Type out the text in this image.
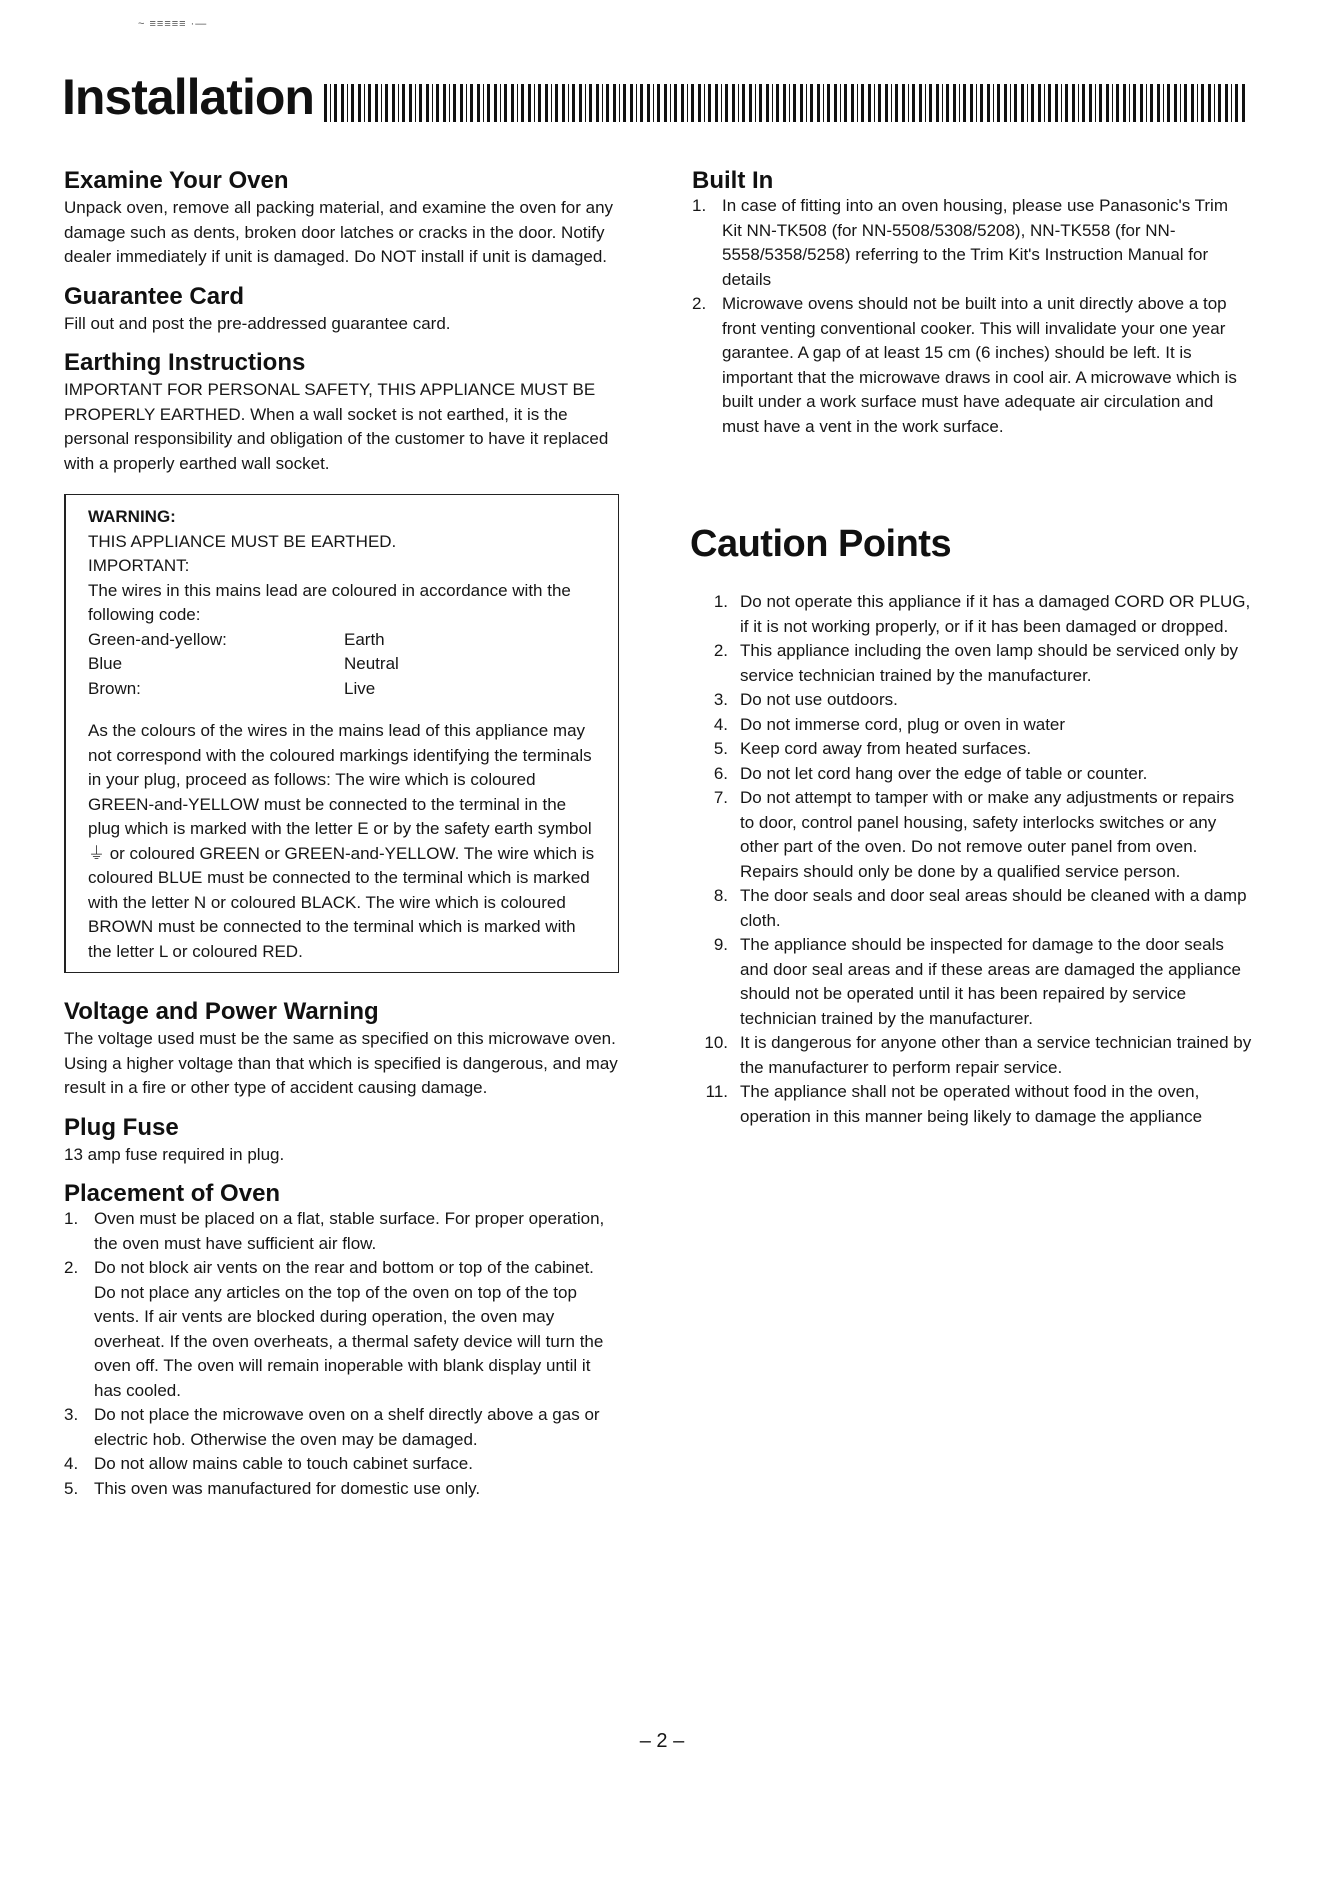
~ ≡≡≡≡≡ ·—
Installation
Examine Your Oven

Unpack oven, remove all packing material, and examine the oven for any damage such as dents, broken door latches or cracks in the door. Notify dealer immediately if unit is damaged. Do NOT install if unit is damaged.

Guarantee Card

Fill out and post the pre-addressed guarantee card.

Earthing Instructions

IMPORTANT FOR PERSONAL SAFETY, THIS APPLIANCE MUST BE PROPERLY EARTHED. When a wall socket is not earthed, it is the personal responsibility and obligation of the customer to have it replaced with a properly earthed wall socket.

WARNING:
THIS APPLIANCE MUST BE EARTHED.
IMPORTANT:
The wires in this mains lead are coloured in accordance with the following code:
Green-and-yellow:	Earth
Blue	Neutral
Brown:	Live

As the colours of the wires in the mains lead of this appliance may not correspond with the coloured markings identifying the terminals in your plug, proceed as follows: The wire which is coloured GREEN-and-YELLOW must be connected to the terminal in the plug which is marked with the letter E or by the safety earth symbol ⏚ or coloured GREEN or GREEN-and-YELLOW. The wire which is coloured BLUE must be connected to the terminal which is marked with the letter N or coloured BLACK. The wire which is coloured BROWN must be connected to the terminal which is marked with the letter L or coloured RED.

Voltage and Power Warning

The voltage used must be the same as specified on this microwave oven. Using a higher voltage than that which is specified is dangerous, and may result in a fire or other type of accident causing damage.

Plug Fuse

13 amp fuse required in plug.

Placement of Oven
1. Oven must be placed on a flat, stable surface. For proper operation, the oven must have sufficient air flow.
2. Do not block air vents on the rear and bottom or top of the cabinet. Do not place any articles on the top of the oven on top of the top vents. If air vents are blocked during operation, the oven may overheat. If the oven overheats, a thermal safety device will turn the oven off. The oven will remain inoperable with blank display until it has cooled.
3. Do not place the microwave oven on a shelf directly above a gas or electric hob. Otherwise the oven may be damaged.
4. Do not allow mains cable to touch cabinet surface.
5. This oven was manufactured for domestic use only.
Built In
1. In case of fitting into an oven housing, please use Panasonic's Trim Kit NN-TK508 (for NN-5508/5308/5208), NN-TK558 (for NN-5558/5358/5258) referring to the Trim Kit's Instruction Manual for details
2. Microwave ovens should not be built into a unit directly above a top front venting conventional cooker. This will invalidate your one year garantee. A gap of at least 15 cm (6 inches) should be left. It is important that the microwave draws in cool air. A microwave which is built under a work surface must have adequate air circulation and must have a vent in the work surface.
Caution Points
1. Do not operate this appliance if it has a damaged CORD OR PLUG, if it is not working properly, or if it has been damaged or dropped.
2. This appliance including the oven lamp should be serviced only by service technician trained by the manufacturer.
3. Do not use outdoors.
4. Do not immerse cord, plug or oven in water
5. Keep cord away from heated surfaces.
6. Do not let cord hang over the edge of table or counter.
7. Do not attempt to tamper with or make any adjustments or repairs to door, control panel housing, safety interlocks switches or any other part of the oven. Do not remove outer panel from oven. Repairs should only be done by a qualified service person.
8. The door seals and door seal areas should be cleaned with a damp cloth.
9. The appliance should be inspected for damage to the door seals and door seal areas and if these areas are damaged the appliance should not be operated until it has been repaired by service technician trained by the manufacturer.
10. It is dangerous for anyone other than a service technician trained by the manufacturer to perform repair service.
11. The appliance shall not be operated without food in the oven, operation in this manner being likely to damage the appliance
– 2 –
